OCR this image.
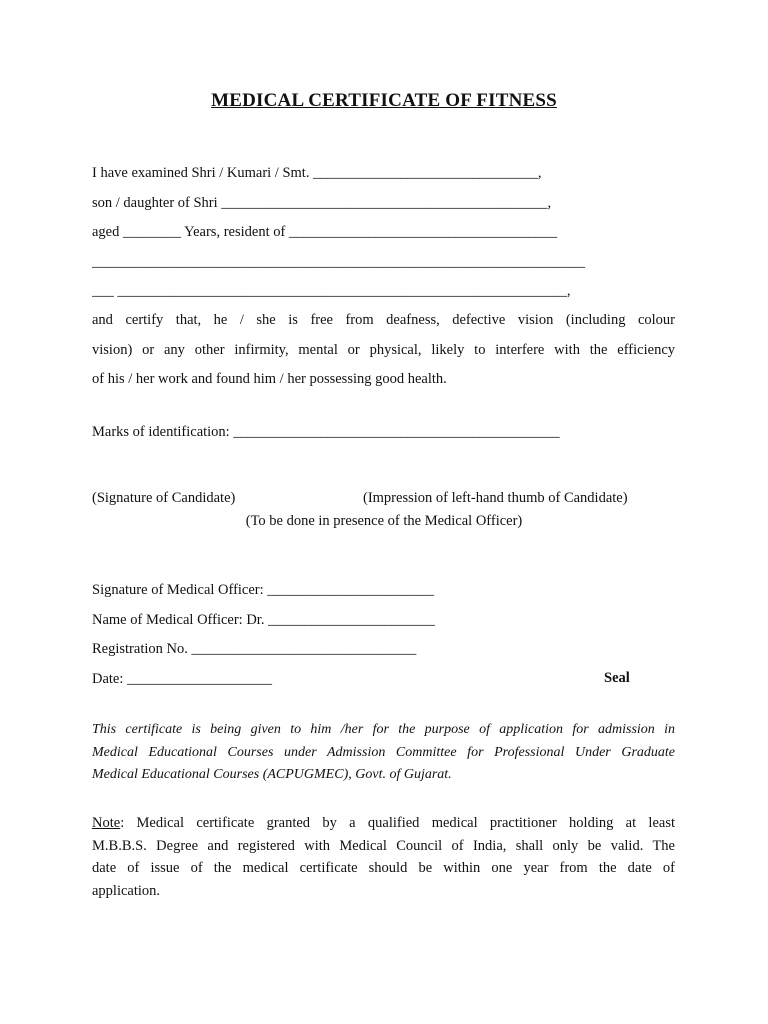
MEDICAL CERTIFICATE OF FITNESS
I have examined Shri / Kumari / Smt. _______________________________,
son / daughter of Shri _____________________________________________,
aged ________ Years, resident of _____________________________________
____________________________________________________________________
___ ______________________________________________________________,
and certify that, he / she is free from deafness, defective vision (including colour
vision) or any other infirmity, mental or physical, likely to interfere with the efficiency
of his / her work and found him / her possessing good health.
Marks of identification: _____________________________________________
(Signature of Candidate)	(Impression of left-hand thumb of Candidate)
(To be done in presence of the Medical Officer)
Signature of Medical Officer: _______________________
Name of Medical Officer: Dr. _______________________
Registration No. _______________________________
Date: ____________________	Seal
This certificate is being given to him /her for the purpose of application for admission in
Medical Educational Courses under Admission Committee for Professional Under Graduate
Medical Educational Courses (ACPUGMEC), Govt. of Gujarat.
Note: Medical certificate granted by a qualified medical practitioner holding at least
M.B.B.S. Degree and registered with Medical Council of India, shall only be valid. The
date of issue of the medical certificate should be within one year from the date of
application.
